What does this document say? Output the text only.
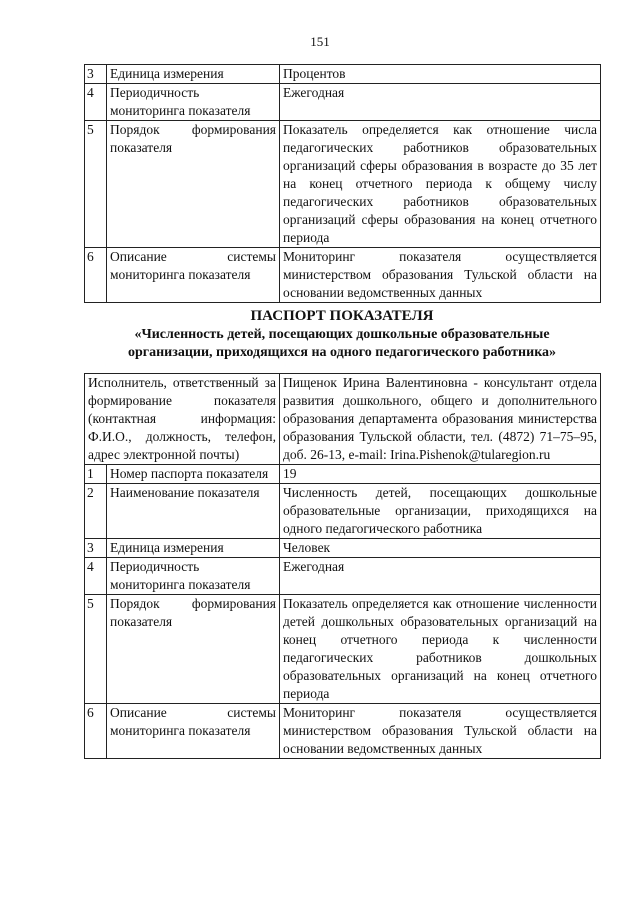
151
3	Единица измерения	Процентов
4	Периодичность мониторинга показателя	Ежегодная
5	Порядок формирования показателя	Показатель определяется как отношение числа педагогических работников образовательных организаций сферы образования в возрасте до 35 лет на конец отчетного периода к общему числу педагогических работников образовательных организаций сферы образования на конец отчетного периода
6	Описание системы мониторинга показателя	Мониторинг показателя осуществляется министерством образования Тульской области на основании ведомственных данных
ПАСПОРТ ПОКАЗАТЕЛЯ
«Численность детей, посещающих дошкольные образовательные
организации, приходящихся на одного педагогического работника»
Исполнитель, ответственный за формирование показателя (контактная информация: Ф.И.О., должность, телефон, адрес электронной почты)		Пищенок Ирина Валентиновна - консультант отдела развития дошкольного, общего и дополнительного образования департамента образования министерства образования Тульской области, тел. (4872) 71–75–95, доб. 26-13, e-mail: Irina.Pishenok@tularegion.ru
1	Номер паспорта показателя	19
2	Наименование показателя	Численность детей, посещающих дошкольные образовательные организации, приходящихся на одного педагогического работника
3	Единица измерения	Человек
4	Периодичность мониторинга показателя	Ежегодная
5	Порядок формирования показателя	Показатель определяется как отношение численности детей дошкольных образовательных организаций на конец отчетного периода к численности педагогических работников дошкольных образовательных организаций на конец отчетного периода
6	Описание системы мониторинга показателя	Мониторинг показателя осуществляется министерством образования Тульской области на основании ведомственных данных
